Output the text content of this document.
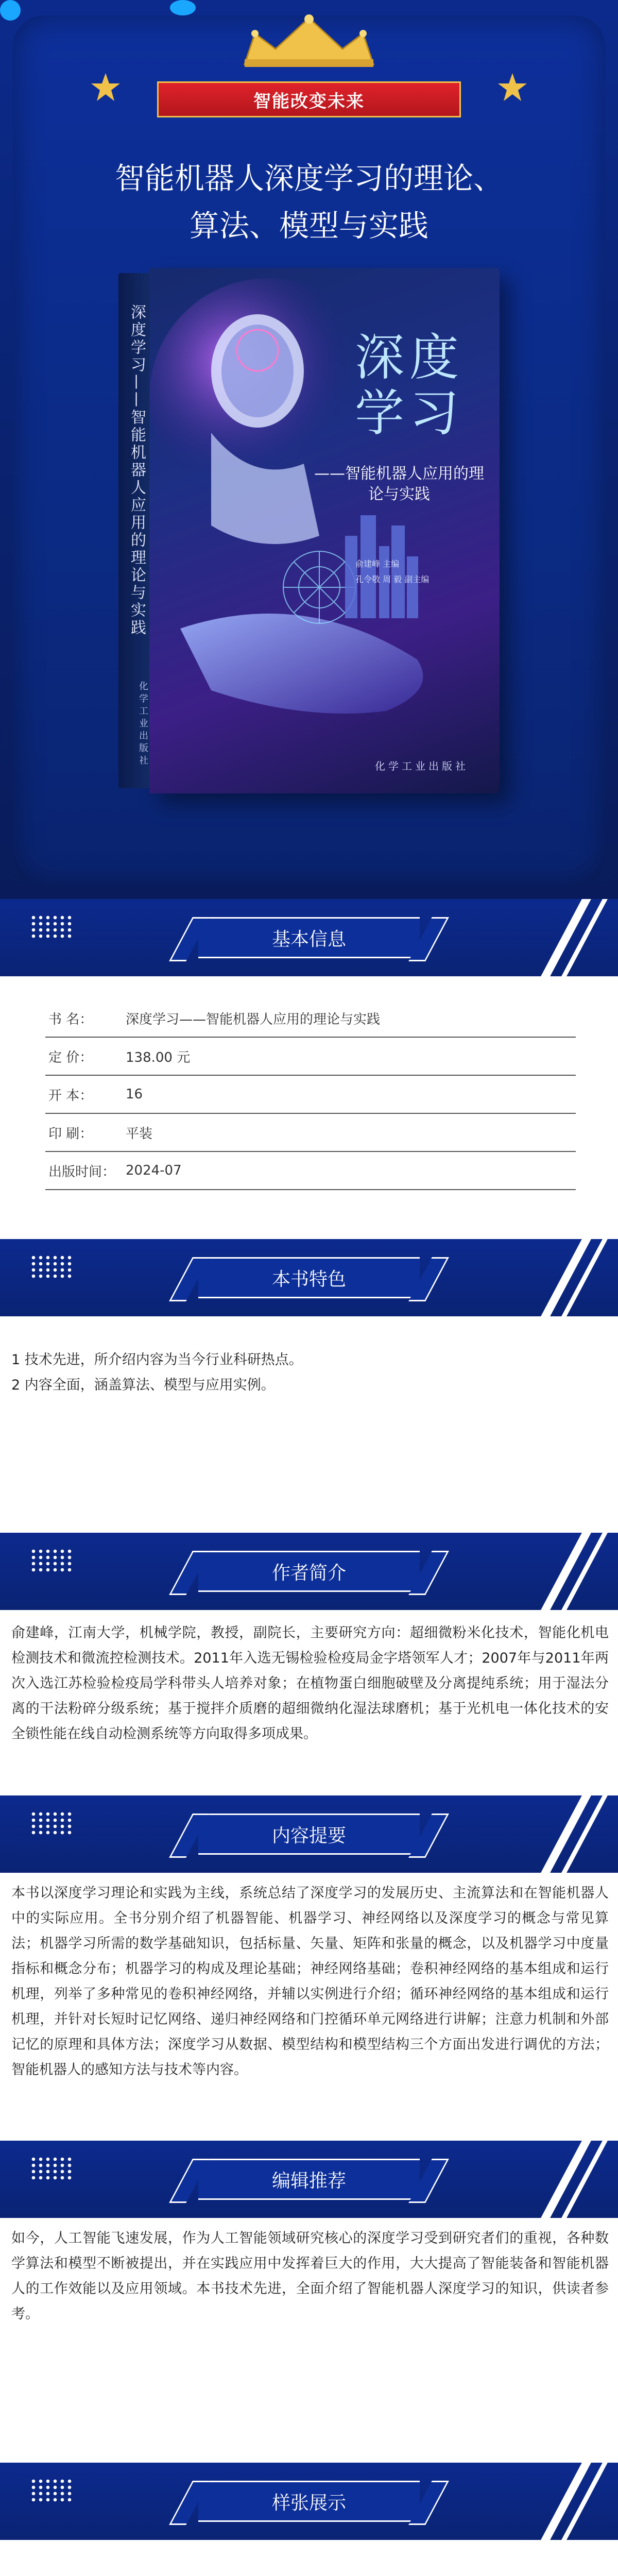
智能改变未来
智能机器人深度学习的理论、
算法、模型与实践
深度学习——智能机器人应用的理论与实践
化学工业出版社
深度学习
——智能机器人应用的理论与实践
俞建峰 主编
孔令敬 周 毅 副主编
化学工业出版社
基本信息
书 名：	深度学习——智能机器人应用的理论与实践
定 价：	138.00 元
开 本：	16
印 刷：	平装
出版时间： 2024-07
本书特色

1 技术先进，所介绍内容为当今行业科研热点。

2 内容全面，涵盖算法、模型与应用实例。

作者简介
俞建峰，江南大学，机械学院，教授，副院长，主要研究方向：超细微粉米化技术，智能化机电检测技术和微流控检测技术。2011年入选无锡检验检疫局金字塔领军人才；2007年与2011年两次入选江苏检验检疫局学科带头人培养对象；在植物蛋白细胞破壁及分离提纯系统；用于湿法分离的干法粉碎分级系统；基于搅拌介质磨的超细微纳化湿法球磨机；基于光机电一体化技术的安全锁性能在线自动检测系统等方向取得多项成果。
内容提要
本书以深度学习理论和实践为主线，系统总结了深度学习的发展历史、主流算法和在智能机器人中的实际应用。全书分别介绍了机器智能、机器学习、神经网络以及深度学习的概念与常见算法；机器学习所需的数学基础知识，包括标量、矢量、矩阵和张量的概念，以及机器学习中度量指标和概念分布；机器学习的构成及理论基础；神经网络基础；卷积神经网络的基本组成和运行机理，列举了多种常见的卷积神经网络，并辅以实例进行介绍；循环神经网络的基本组成和运行机理，并针对长短时记忆网络、递归神经网络和门控循环单元网络进行讲解；注意力机制和外部记忆的原理和具体方法；深度学习从数据、模型结构和模型结构三个方面出发进行调优的方法；智能机器人的感知方法与技术等内容。
编辑推荐
如今，人工智能飞速发展，作为人工智能领域研究核心的深度学习受到研究者们的重视，各种数学算法和模型不断被提出，并在实践应用中发挥着巨大的作用，大大提高了智能装备和智能机器人的工作效能以及应用领域。本书技术先进，全面介绍了智能机器人深度学习的知识，供读者参考。
样张展示
